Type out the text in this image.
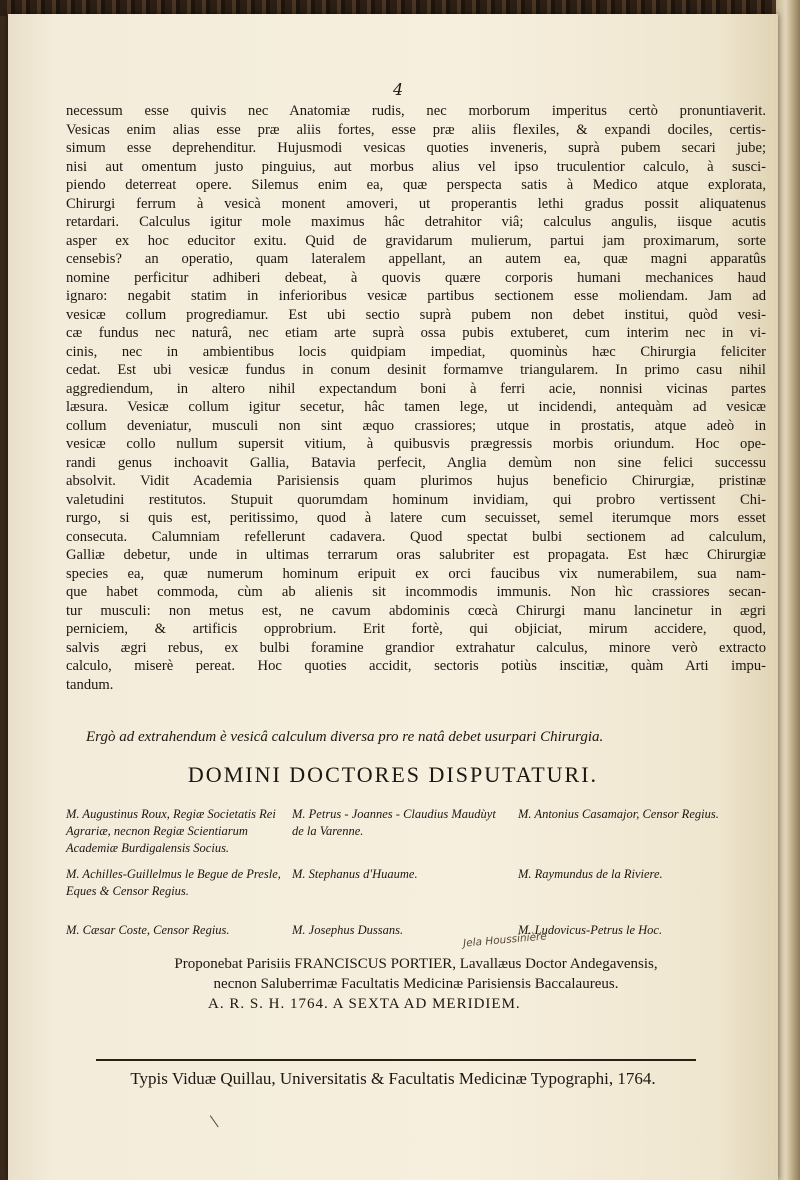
4
necessum esse quivis nec Anatomiæ rudis, nec morborum imperitus certò pronuntiaverit.
Vesicas enim alias esse præ aliis fortes, esse præ aliis flexiles, & expandi dociles, certis-
simum esse deprehenditur. Hujusmodi vesicas quoties inveneris, suprà pubem secari jube;
nisi aut omentum justo pinguius, aut morbus alius vel ipso truculentior calculo, à susci-
piendo deterreat opere. Silemus enim ea, quæ perspecta satis à Medico atque explorata,
Chirurgi ferrum à vesicà monent amoveri, ut properantis lethi gradus possit aliquatenus
retardari. Calculus igitur mole maximus hâc detrahitor viâ; calculus angulis, iisque acutis
asper ex hoc educitor exitu. Quid de gravidarum mulierum, partui jam proximarum, sorte
censebis? an operatio, quam lateralem appellant, an autem ea, quæ magni apparatûs
nomine perficitur adhiberi debeat, à quovis quære corporis humani mechanices haud
ignaro: negabit statim in inferioribus vesicæ partibus sectionem esse moliendam. Jam ad
vesicæ collum progrediamur. Est ubi sectio suprà pubem non debet institui, quòd vesi-
cæ fundus nec naturâ, nec etiam arte suprà ossa pubis extuberet, cum interim nec in vi-
cinis, nec in ambientibus locis quidpiam impediat, quominùs hæc Chirurgia feliciter
cedat. Est ubi vesicæ fundus in conum desinit formamve triangularem. In primo casu nihil
aggrediendum, in altero nihil expectandum boni à ferri acie, nonnisi vicinas partes
læsura. Vesicæ collum igitur secetur, hâc tamen lege, ut incidendi, antequàm ad vesicæ
collum deveniatur, musculi non sint æquo crassiores; utque in prostatis, atque adeò in
vesicæ collo nullum supersit vitium, à quibusvis prægressis morbis oriundum. Hoc ope-
randi genus inchoavit Gallia, Batavia perfecit, Anglia demùm non sine felici successu
absolvit. Vidit Academia Parisiensis quam plurimos hujus beneficio Chirurgiæ, pristinæ
valetudini restitutos. Stupuit quorumdam hominum invidiam, qui probro vertissent Chi-
rurgo, si quis est, peritissimo, quod à latere cum secuisset, semel iterumque mors esset
consecuta. Calumniam refellerunt cadavera. Quod spectat bulbi sectionem ad calculum,
Galliæ debetur, unde in ultimas terrarum oras salubriter est propagata. Est hæc Chirurgiæ
species ea, quæ numerum hominum eripuit ex orci faucibus vix numerabilem, sua nam-
que habet commoda, cùm ab alienis sit incommodis immunis. Non hìc crassiores secan-
tur musculi: non metus est, ne cavum abdominis cœcà Chirurgi manu lancinetur in ægri
perniciem, & artificis opprobrium. Erit fortè, qui objiciat, mirum accidere, quod,
salvis ægri rebus, ex bulbi foramine grandior extrahatur calculus, minore verò extracto
calculo, miserè pereat. Hoc quoties accidit, sectoris potiùs inscitiæ, quàm Arti impu-
tandum.
Ergò ad extrahendum è vesicâ calculum diversa pro re natâ debet usurpari Chirurgia.
DOMINI DOCTORES DISPUTATURI.
M. Augustinus Roux, Regiæ Societatis Rei Agrariæ, necnon Regiæ Scientiarum Academiæ Burdigalensis Socius.
M. Petrus - Joannes - Claudius Maudùyt de la Varenne.
M. Antonius Casamajor, Censor Regius.
M. Achilles-Guillelmus le Begue de Presle, Eques & Censor Regius.
M. Stephanus d'Huaume.	M. Raymundus de la Riviere.
M. Cæsar Coste, Censor Regius.	M. Josephus Dussans.	M. Ludovicus-Petrus le Hoc.
Jela Houssinière
Proponebat Parisiis FRANCISCUS PORTIER, Lavallæus Doctor Andegavensis,
necnon Saluberrimæ Facultatis Medicinæ Parisiensis Baccalaureus.
A. R. S. H. 1764. A SEXTA AD MERIDIEM.
Typis Viduæ Quillau, Universitatis & Facultatis Medicinæ Typographi, 1764.
